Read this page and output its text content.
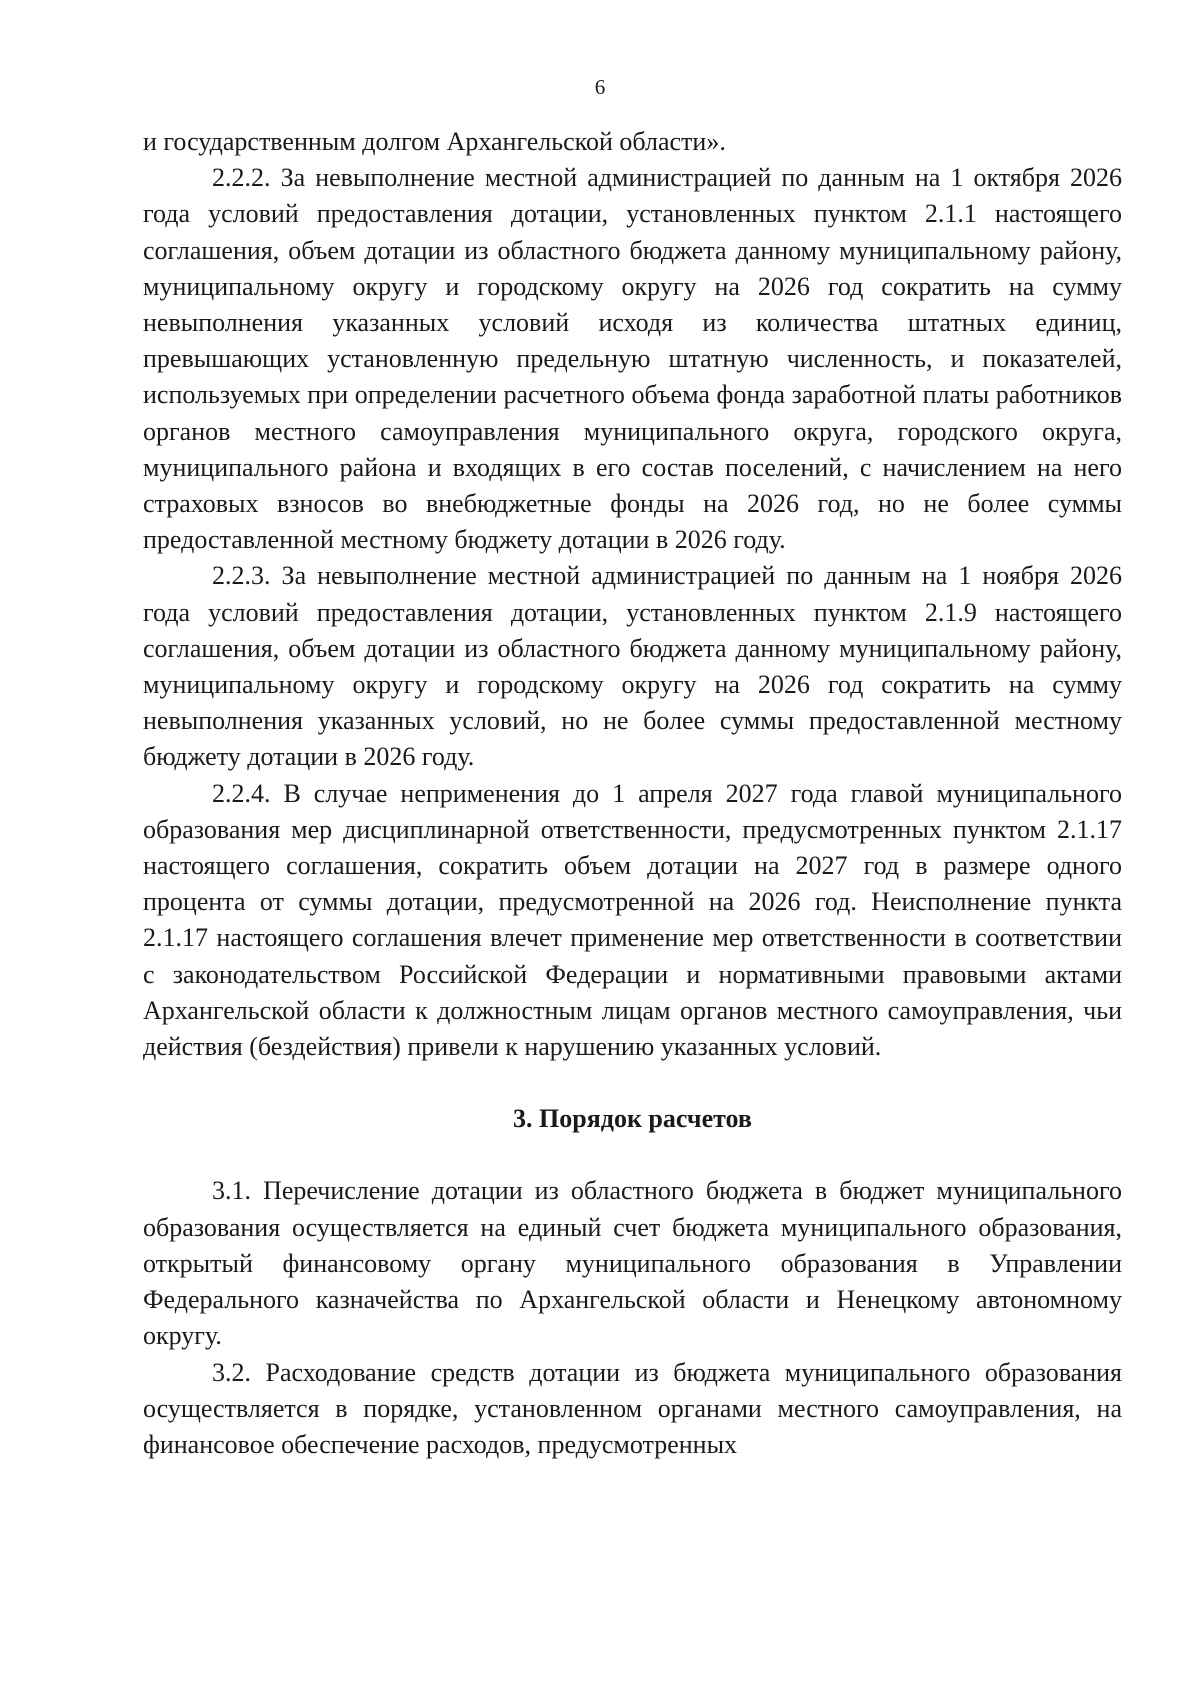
6

и государственным долгом Архангельской области».

2.2.2. За невыполнение местной администрацией по данным на 1 октября 2026 года условий предоставления дотации, установленных пунктом 2.1.1 настоящего соглашения, объем дотации из областного бюджета данному муниципальному району, муниципальному округу и городскому округу на 2026 год сократить на сумму невыполнения указанных условий исходя из количества штатных единиц, превышающих установленную предельную штатную численность, и показателей, используемых при определении расчетного объема фонда заработной платы работников органов местного самоуправления муниципального округа, городского округа, муниципального района и входящих в его состав поселений, с начислением на него страховых взносов во внебюджетные фонды на 2026 год, но не более суммы предоставленной местному бюджету дотации в 2026 году.

2.2.3. За невыполнение местной администрацией по данным на 1 ноября 2026 года условий предоставления дотации, установленных пунктом 2.1.9 настоящего соглашения, объем дотации из областного бюджета данному муниципальному району, муниципальному округу и городскому округу на 2026 год сократить на сумму невыполнения указанных условий, но не более суммы предоставленной местному бюджету дотации в 2026 году.

2.2.4. В случае неприменения до 1 апреля 2027 года главой муниципального образования мер дисциплинарной ответственности, предусмотренных пунктом 2.1.17 настоящего соглашения, сократить объем дотации на 2027 год в размере одного процента от суммы дотации, предусмотренной на 2026 год. Неисполнение пункта 2.1.17 настоящего соглашения влечет применение мер ответственности в соответствии с законодательством Российской Федерации и нормативными правовыми актами Архангельской области к должностным лицам органов местного самоуправления, чьи действия (бездействия) привели к нарушению указанных условий.

3. Порядок расчетов

3.1. Перечисление дотации из областного бюджета в бюджет муниципального образования осуществляется на единый счет бюджета муниципального образования, открытый финансовому органу муниципального образования в Управлении Федерального казначейства по Архангельской области и Ненецкому автономному округу.

3.2. Расходование средств дотации из бюджета муниципального образования осуществляется в порядке, установленном органами местного самоуправления, на финансовое обеспечение расходов, предусмотренных
